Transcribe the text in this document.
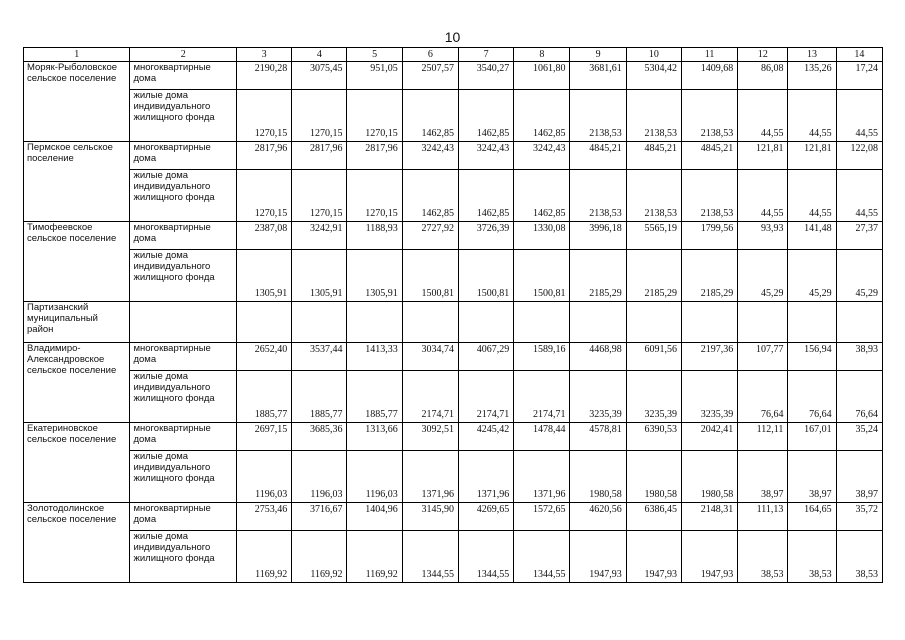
10
1	2	3	4	5	6	7	8	9	10	11	12	13	14
Моряк-Рыболовское сельское поселение	многоквартирные дома	2190,28	3075,45	951,05	2507,57	3540,27	1061,80	3681,61	5304,42	1409,68	86,08	135,26	17,24
	жилые дома индивидуального жилищного фонда	1270,15	1270,15	1270,15	1462,85	1462,85	1462,85	2138,53	2138,53	2138,53	44,55	44,55	44,55
Пермское сельское поселение	многоквартирные дома	2817,96	2817,96	2817,96	3242,43	3242,43	3242,43	4845,21	4845,21	4845,21	121,81	121,81	122,08
	жилые дома индивидуального жилищного фонда	1270,15	1270,15	1270,15	1462,85	1462,85	1462,85	2138,53	2138,53	2138,53	44,55	44,55	44,55
Тимофеевское сельское поселение	многоквартирные дома	2387,08	3242,91	1188,93	2727,92	3726,39	1330,08	3996,18	5565,19	1799,56	93,93	141,48	27,37
	жилые дома индивидуального жилищного фонда	1305,91	1305,91	1305,91	1500,81	1500,81	1500,81	2185,29	2185,29	2185,29	45,29	45,29	45,29
Партизанский муниципальный район													
Владимиро-Александровское сельское поселение	многоквартирные дома	2652,40	3537,44	1413,33	3034,74	4067,29	1589,16	4468,98	6091,56	2197,36	107,77	156,94	38,93
	жилые дома индивидуального жилищного фонда	1885,77	1885,77	1885,77	2174,71	2174,71	2174,71	3235,39	3235,39	3235,39	76,64	76,64	76,64
Екатериновское сельское поселение	многоквартирные дома	2697,15	3685,36	1313,66	3092,51	4245,42	1478,44	4578,81	6390,53	2042,41	112,11	167,01	35,24
	жилые дома индивидуального жилищного фонда	1196,03	1196,03	1196,03	1371,96	1371,96	1371,96	1980,58	1980,58	1980,58	38,97	38,97	38,97
Золотодолинское сельское поселение	многоквартирные дома	2753,46	3716,67	1404,96	3145,90	4269,65	1572,65	4620,56	6386,45	2148,31	111,13	164,65	35,72
	жилые дома индивидуального жилищного фонда	1169,92	1169,92	1169,92	1344,55	1344,55	1344,55	1947,93	1947,93	1947,93	38,53	38,53	38,53
